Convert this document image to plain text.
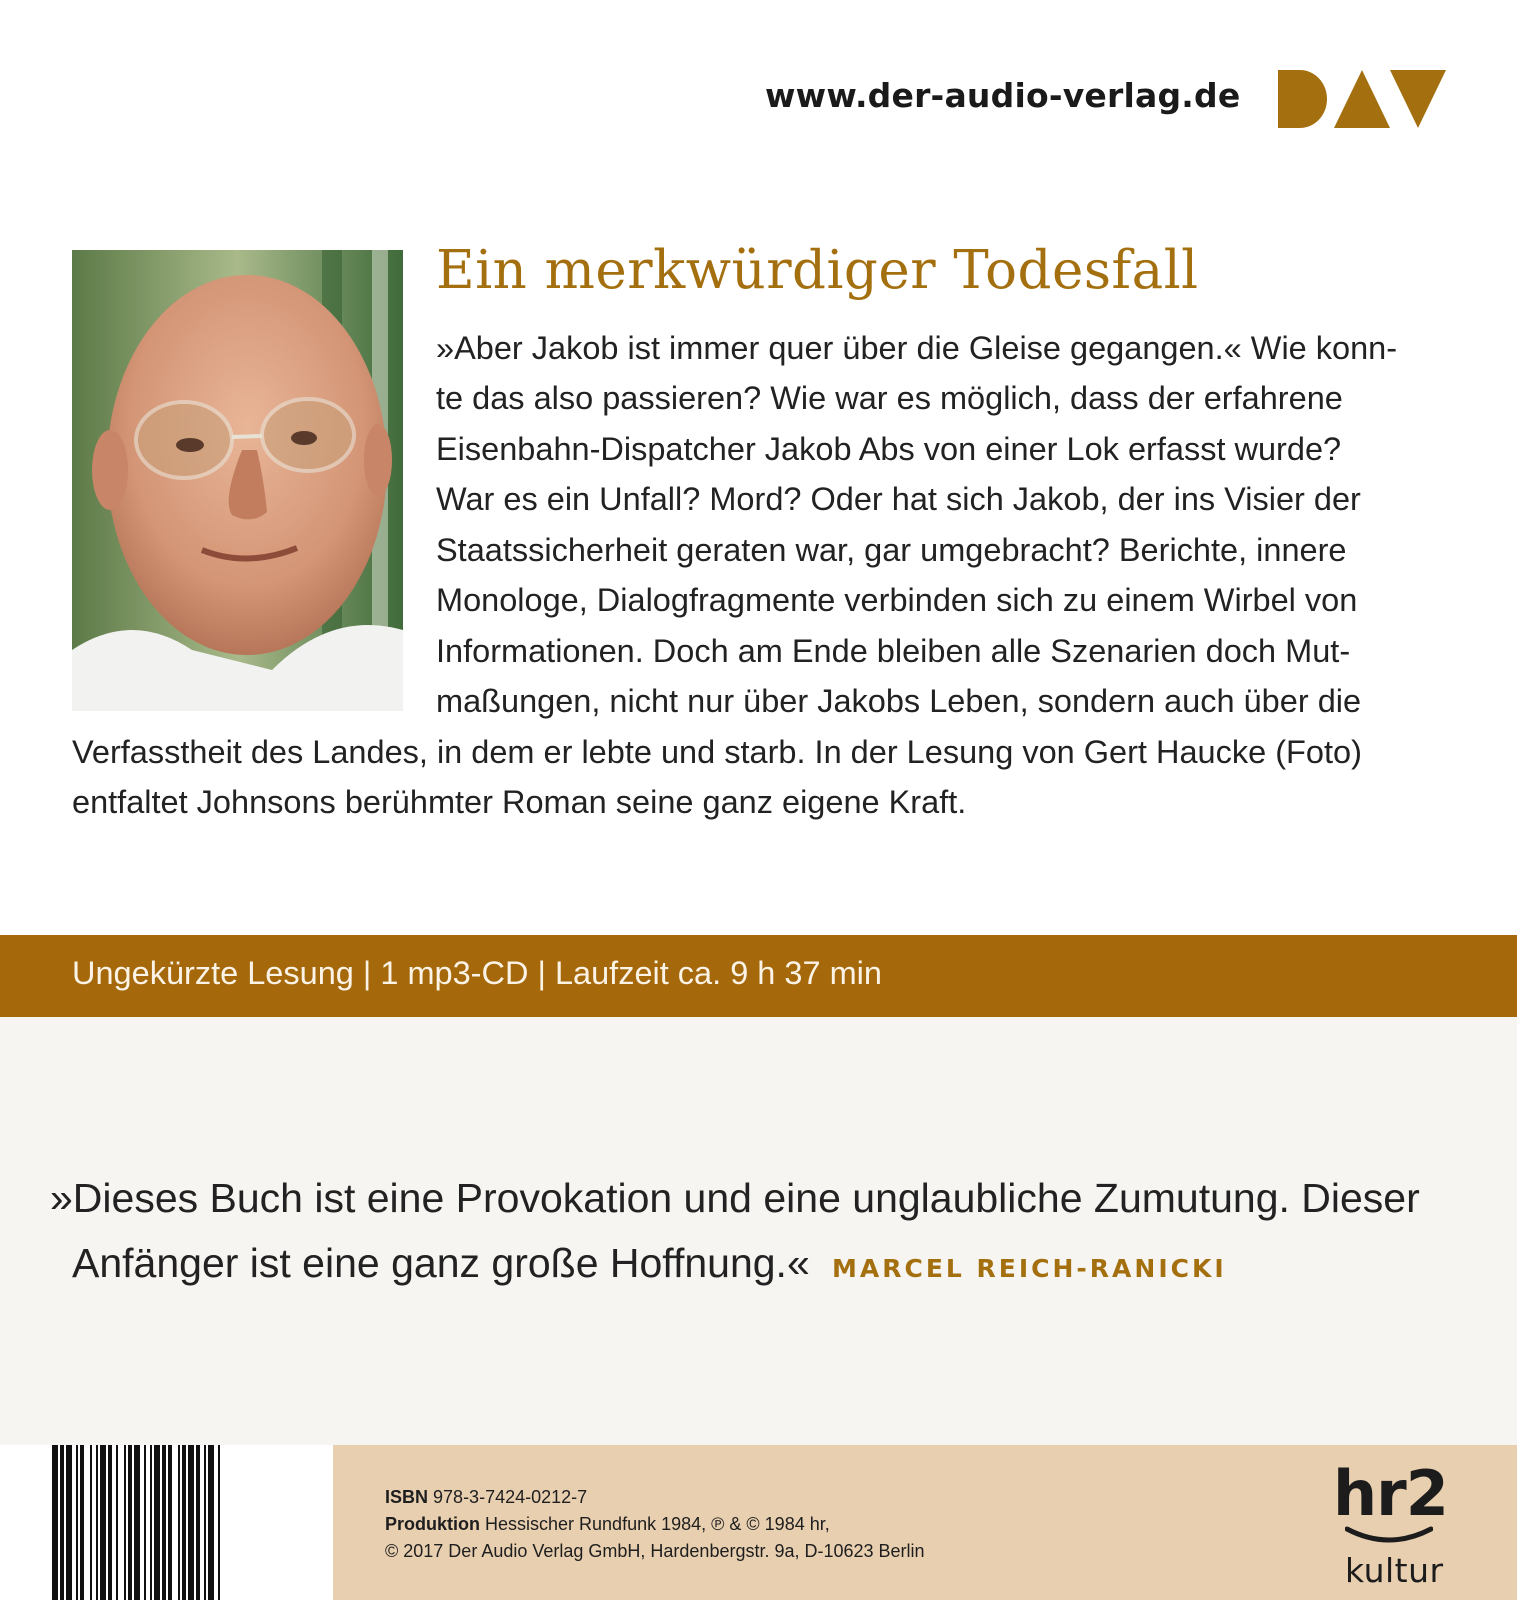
www.der-audio-verlag.de
Ein merkwürdiger Todesfall
»Aber Jakob ist immer quer über die Gleise gegangen.« Wie konn-
te das also passieren? Wie war es möglich, dass der erfahrene
Eisenbahn-Dispatcher Jakob Abs von einer Lok erfasst wurde?
War es ein Unfall? Mord? Oder hat sich Jakob, der ins Visier der
Staatssicherheit geraten war, gar umgebracht? Berichte, innere
Monologe, Dialogfragmente verbinden sich zu einem Wirbel von
Informationen. Doch am Ende bleiben alle Szenarien doch Mut-
maßungen, nicht nur über Jakobs Leben, sondern auch über die
Verfasstheit des Landes, in dem er lebte und starb. In der Lesung von Gert Haucke (Foto)
entfaltet Johnsons berühmter Roman seine ganz eigene Kraft.
Ungekürzte Lesung | 1 mp3-CD | Laufzeit ca. 9 h 37 min
»Dieses Buch ist eine Provokation und eine unglaubliche Zumutung. Dieser
Anfänger ist eine ganz große Hoffnung.« MARCEL REICH-RANICKI
ISBN 978-3-7424-0212-7
Produktion Hessischer Rundfunk 1984, ℗ & © 1984 hr,
© 2017 Der Audio Verlag GmbH, Hardenbergstr. 9a, D-10623 Berlin
hr2
kultur
